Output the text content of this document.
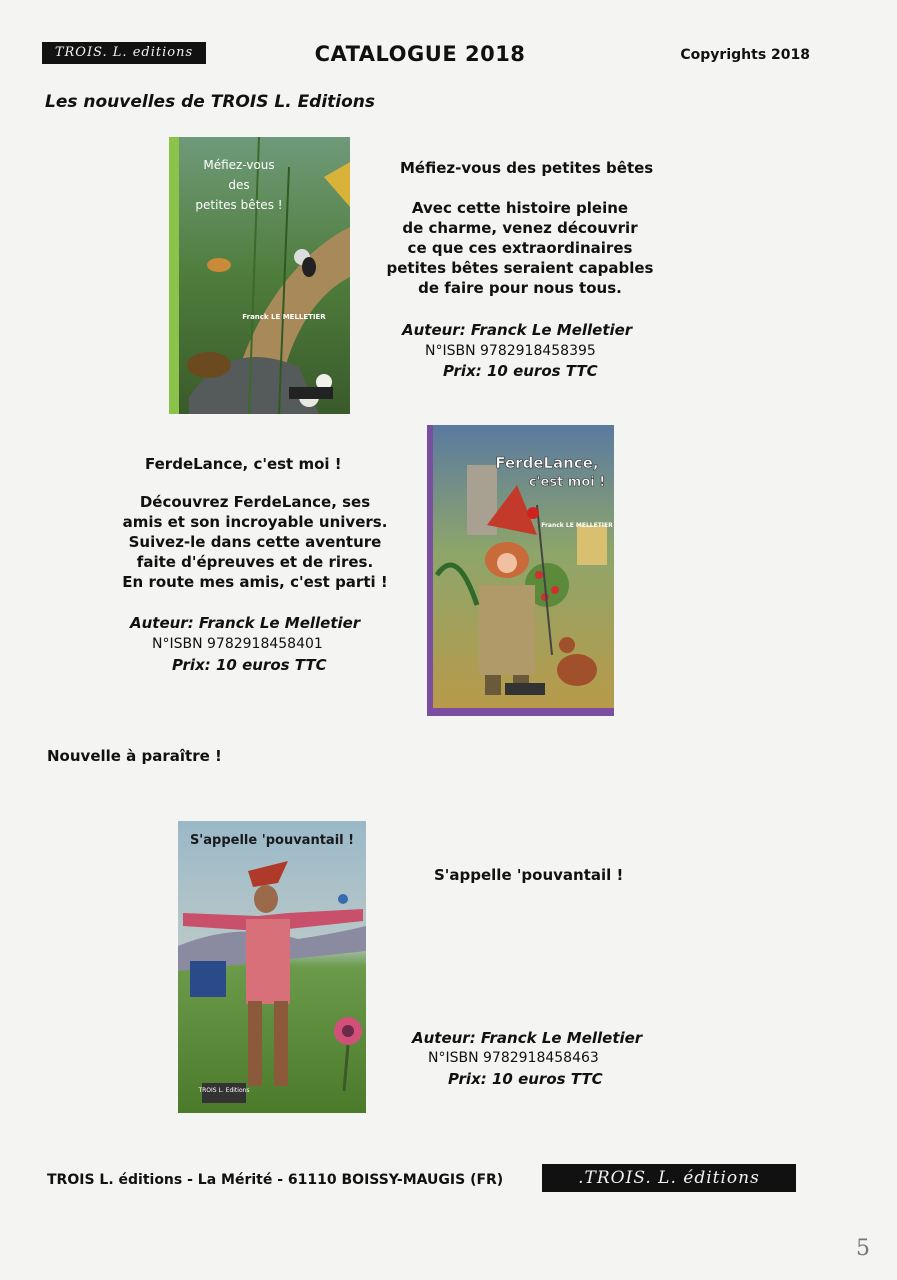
TROIS. L. editions	CATALOGUE 2018	Copyrights 2018
Les nouvelles de TROIS L. Editions
Méfiez-vous
des
petites bêtes !
Franck LE MELLETIER
Méfiez-vous des petites bêtes
Avec cette histoire pleine
de charme, venez découvrir
ce que ces extraordinaires
petites bêtes seraient capables
de faire pour nous tous.
Auteur: Franck Le Melletier
N°ISBN 9782918458395
Prix: 10 euros TTC
FerdeLance, c'est moi !
Découvrez FerdeLance, ses
amis et son incroyable univers.
Suivez-le dans cette aventure
faite d'épreuves et de rires.
En route mes amis, c'est parti !
Auteur: Franck Le Melletier
N°ISBN 9782918458401
Prix: 10 euros TTC
FerdeLance,
c'est moi !
Franck LE MELLETIER
Nouvelle à paraître !
TROIS L. Editions
S'appelle 'pouvantail !
S'appelle 'pouvantail !
Auteur: Franck Le Melletier
N°ISBN 9782918458463
Prix: 10 euros TTC
TROIS L. éditions - La Mérité - 61110 BOISSY-MAUGIS (FR)	.TROIS. L. éditions
5
